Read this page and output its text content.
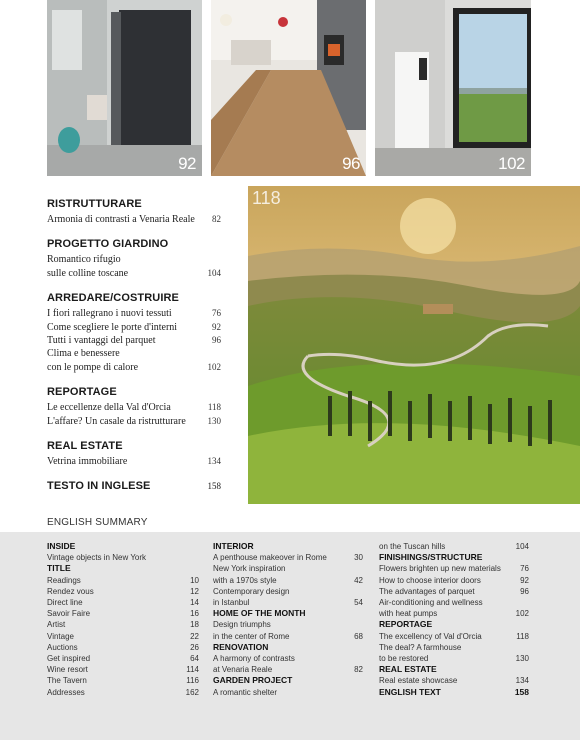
92	96	102
118
RISTRUTTURARE
Armonia di contrasti a Venaria Reale	82
PROGETTO GIARDINO
Romantico rifugio
sulle colline toscane	104
ARREDARE/COSTRUIRE
I fiori rallegrano i nuovi tessuti	76
Come scegliere le porte d'interni	92
Tutti i vantaggi del parquet	96
Clima e benessere
con le pompe di calore	102
REPORTAGE
Le eccellenze della Val d'Orcia	118
L'affare? Un casale da ristrutturare	130
REAL ESTATE
Vetrina immobiliare	134
TESTO IN INGLESE	158
ENGLISH SUMMARY
INSIDE
Vintage objects in New York
TITLE
Readings	10
Rendez vous	12
Direct line	14
Savoir Faire	16
Artist	18
Vintage	22
Auctions	26
Get inspired	64
Wine resort	114
The Tavern	116
Addresses	162
INTERIOR
A penthouse makeover in Rome	30
New York inspiration
with a 1970s style	42
Contemporary design
in Istanbul	54
HOME OF THE MONTH
Design triumphs
in the center of Rome	68
RENOVATION
A harmony of contrasts
at Venaria Reale	82
GARDEN PROJECT
A romantic shelter
on the Tuscan hills	104
FINISHINGS/STRUCTURE
Flowers brighten up new materials	76
How to choose interior doors	92
The advantages of parquet	96
Air-conditioning and wellness
with heat pumps	102
REPORTAGE
The excellency of Val d'Orcia	118
The deal? A farmhouse
to be restored	130
REAL ESTATE
Real estate showcase	134
ENGLISH TEXT	158
